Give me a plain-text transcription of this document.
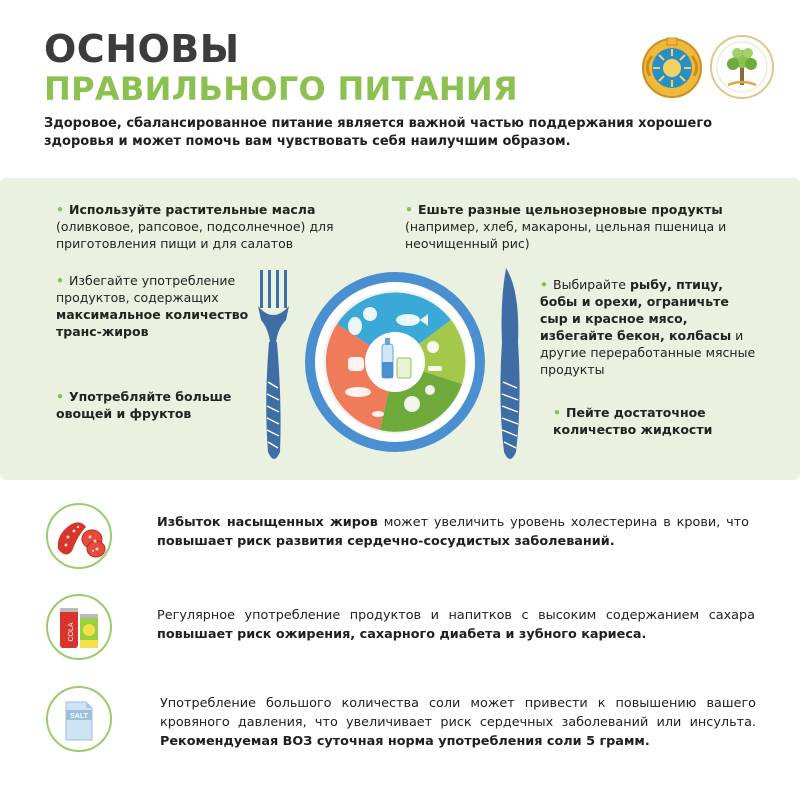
ОСНОВЫ
ПРАВИЛЬНОГО ПИТАНИЯ
Здоровое, сбалансированное питание является важной частью поддержания хорошего здоровья и может помочь вам чувствовать себя наилучшим образом.
• Используйте растительные масла (оливковое, рапсовое, подсолнечное) для приготовления пищи и для салатов
• Избегайте употребление продуктов, содержащих максимальное количество транс-жиров
• Употребляйте больше овощей и фруктов
• Ешьте разные цельнозерновые продукты (например, хлеб, макароны, цельная пшеница и неочищенный рис)
• Выбирайте рыбу, птицу, бобы и орехи, ограничьте сыр и красное мясо, избегайте бекон, колбасы и другие переработанные мясные продукты
• Пейте достаточное количество жидкости
Избыток насыщенных жиров может увеличить уровень холестерина в крови, что повышает риск развития сердечно-сосудистых заболеваний.
COLA
Регулярное употребление продуктов и напитков с высоким содержанием сахара повышает риск ожирения, сахарного диабета и зубного кариеса.
SALT
Употребление большого количества соли может привести к повышению вашего кровяного давления, что увеличивает риск сердечных заболеваний или инсульта. Рекомендуемая ВОЗ суточная норма употребления соли 5 грамм.
